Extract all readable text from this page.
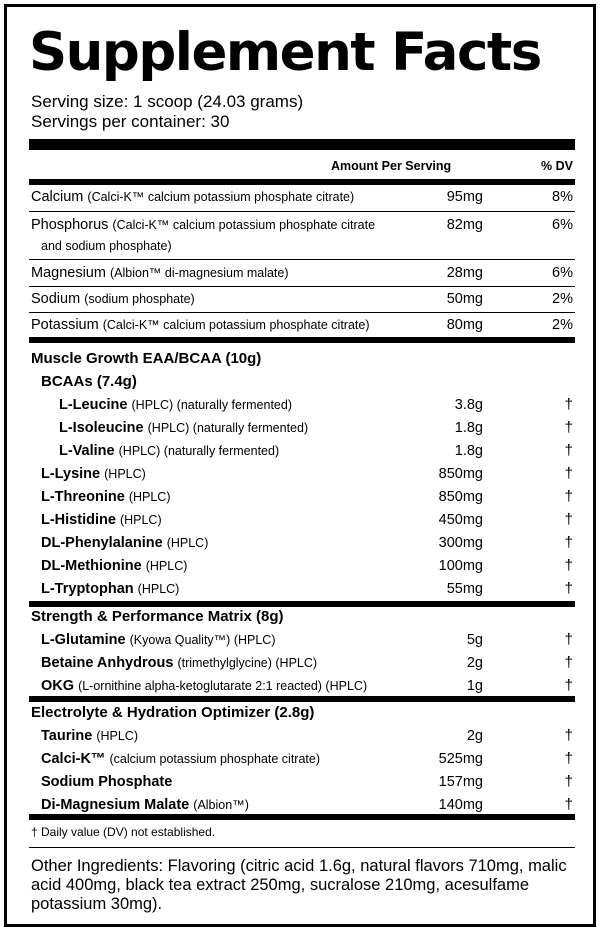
Supplement Facts
Serving size: 1 scoop (24.03 grams)
Servings per container: 30
Amount Per Serving	% DV
Calcium (Calci-K™ calcium potassium phosphate citrate)	95mg	8%
Phosphorus (Calci-K™ calcium potassium phosphate citrate	82mg	6%
and sodium phosphate)
Magnesium (Albion™ di-magnesium malate)	28mg	6%
Sodium (sodium phosphate)	50mg	2%
Potassium (Calci-K™ calcium potassium phosphate citrate)	80mg	2%
Muscle Growth EAA/BCAA (10g)
BCAAs (7.4g)
L-Leucine (HPLC) (naturally fermented)	3.8g	†
L-Isoleucine (HPLC) (naturally fermented)	1.8g	†
L-Valine (HPLC) (naturally fermented)	1.8g	†
L-Lysine (HPLC)	850mg	†
L-Threonine (HPLC)	850mg	†
L-Histidine (HPLC)	450mg	†
DL-Phenylalanine (HPLC)	300mg	†
DL-Methionine (HPLC)	100mg	†
L-Tryptophan (HPLC)	55mg	†
Strength & Performance Matrix (8g)
L-Glutamine (Kyowa Quality™) (HPLC)	5g	†
Betaine Anhydrous (trimethylglycine) (HPLC)	2g	†
OKG (L-ornithine alpha-ketoglutarate 2:1 reacted) (HPLC)	1g	†
Electrolyte & Hydration Optimizer (2.8g)
Taurine (HPLC)	2g	†
Calci-K™ (calcium potassium phosphate citrate)	525mg	†
Sodium Phosphate	157mg	†
Di-Magnesium Malate (Albion™)	140mg	†
† Daily value (DV) not established.
Other Ingredients: Flavoring (citric acid 1.6g, natural flavors 710mg, malic acid 400mg, black tea extract 250mg, sucralose 210mg, acesulfame potassium 30mg).
